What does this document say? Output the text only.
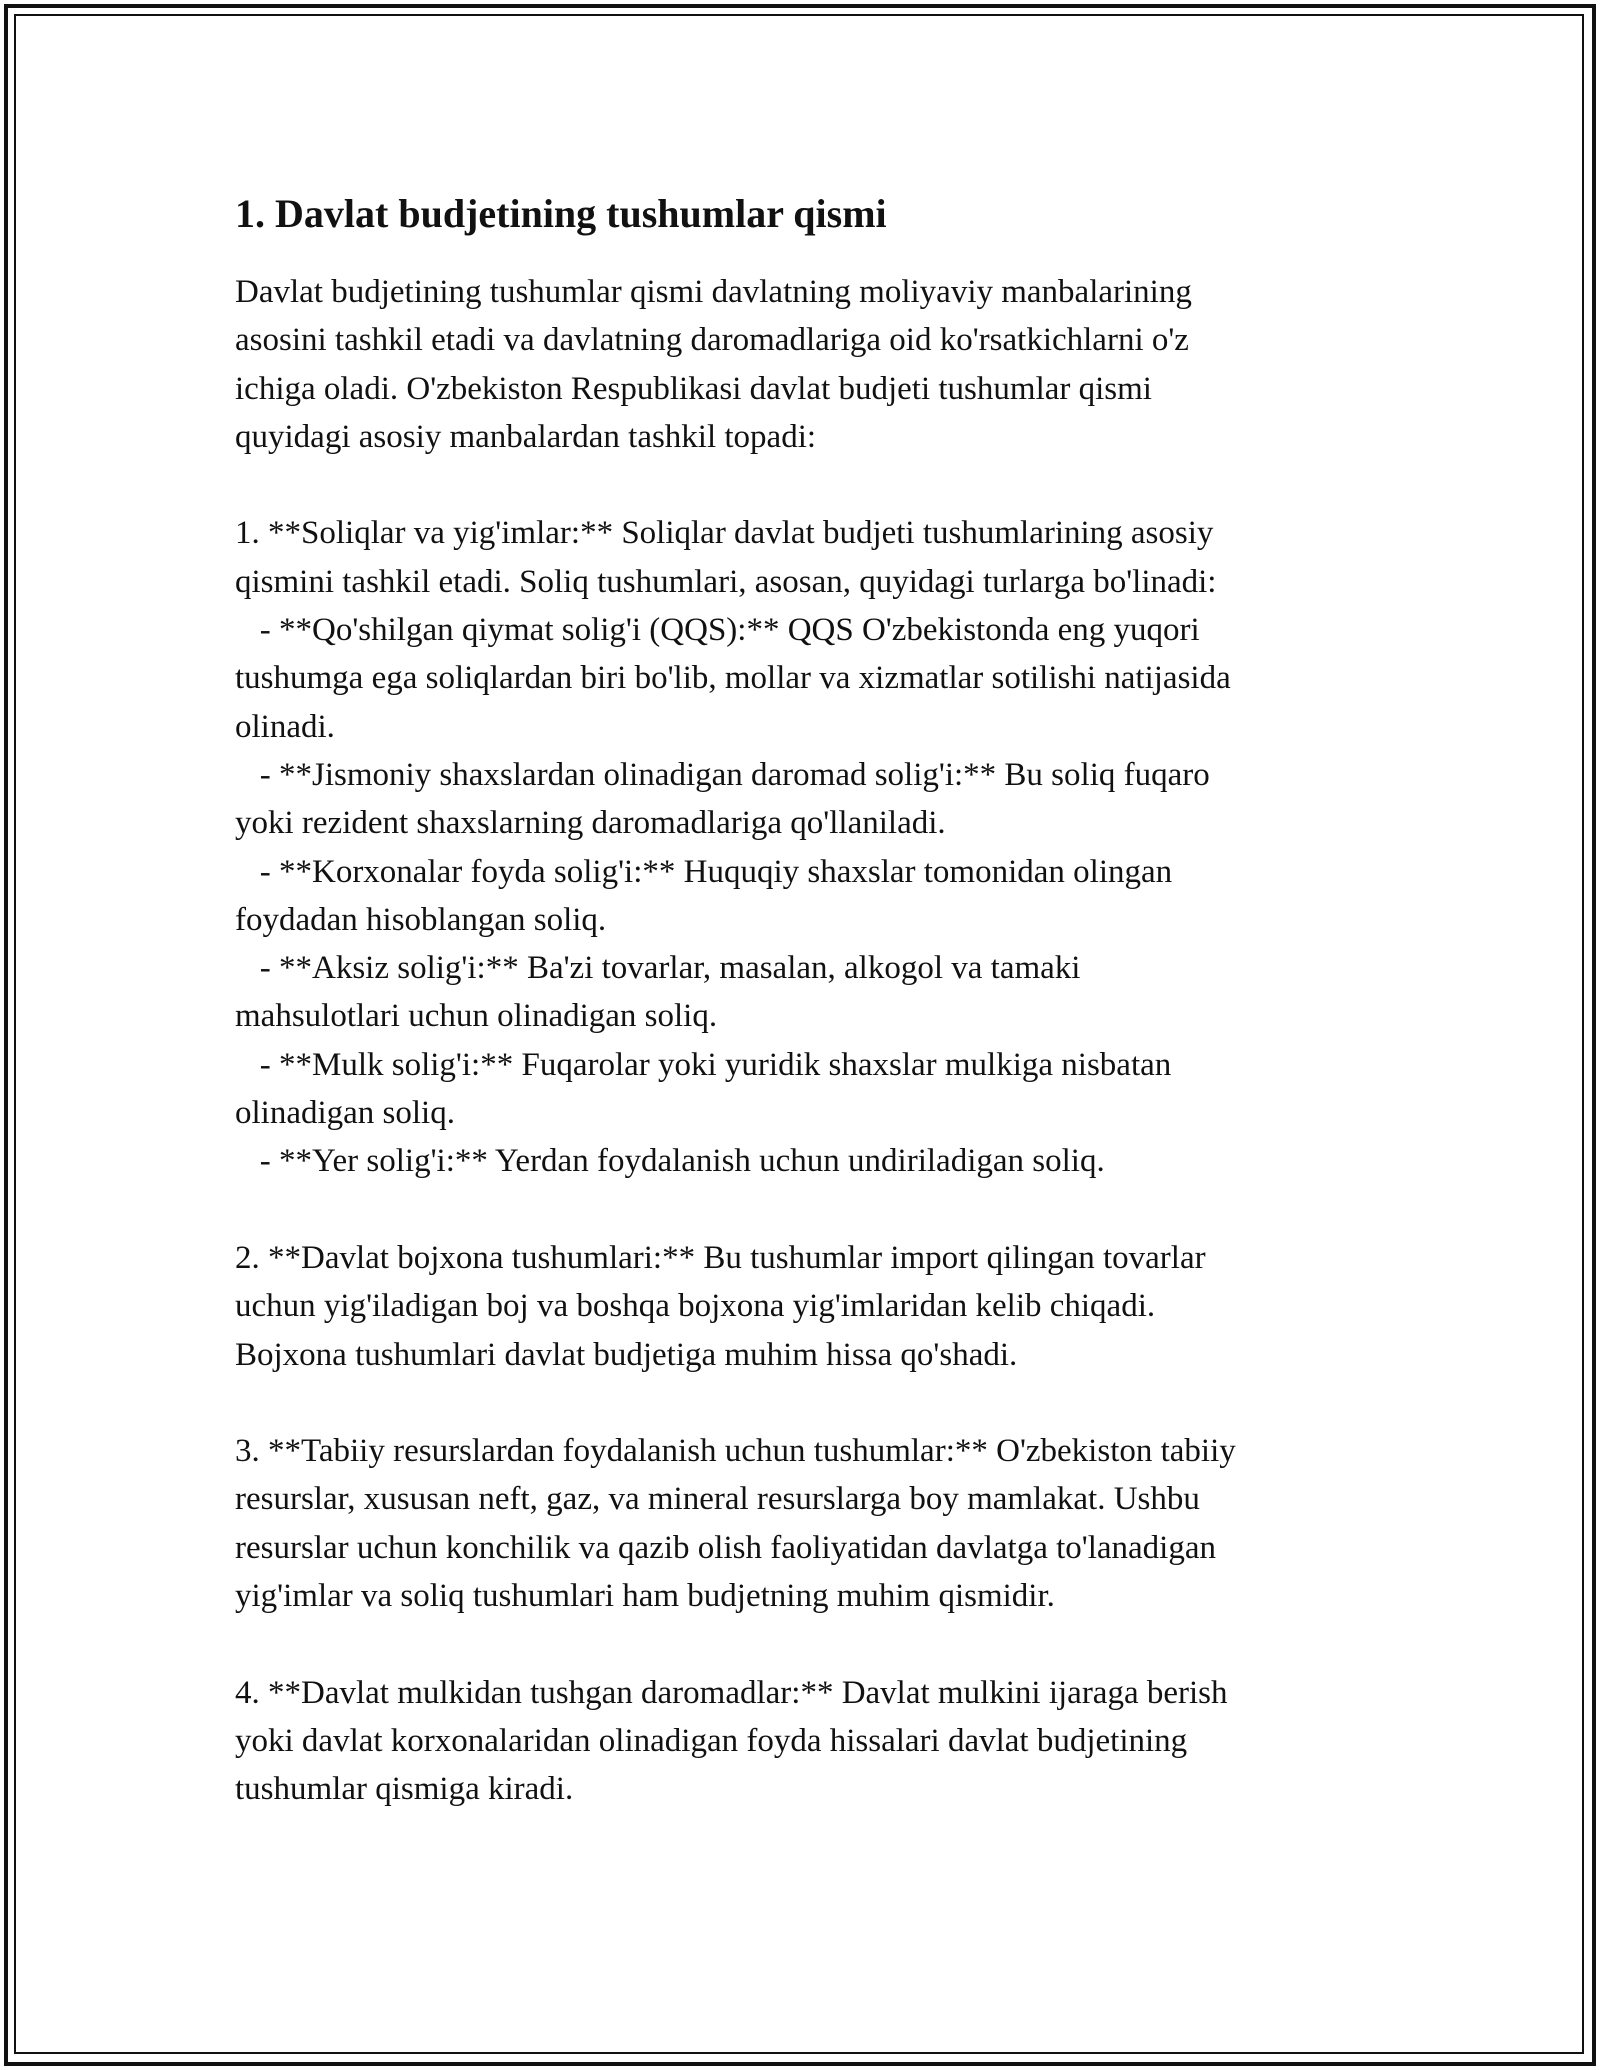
1. Davlat budjetining tushumlar qismi

Davlat budjetining tushumlar qismi davlatning moliyaviy manbalarining
asosini tashkil etadi va davlatning daromadlariga oid ko'rsatkichlarni o'z
ichiga oladi. O'zbekiston Respublikasi davlat budjeti tushumlar qismi
quyidagi asosiy manbalardan tashkil topadi:

1. **Soliqlar va yig'imlar:** Soliqlar davlat budjeti tushumlarining asosiy
qismini tashkil etadi. Soliq tushumlari, asosan, quyidagi turlarga bo'linadi:

- **Qo'shilgan qiymat solig'i (QQS):** QQS O'zbekistonda eng yuqori
tushumga ega soliqlardan biri bo'lib, mollar va xizmatlar sotilishi natijasida
olinadi.

- **Jismoniy shaxslardan olinadigan daromad solig'i:** Bu soliq fuqaro
yoki rezident shaxslarning daromadlariga qo'llaniladi.

- **Korxonalar foyda solig'i:** Huquqiy shaxslar tomonidan olingan
foydadan hisoblangan soliq.

- **Aksiz solig'i:** Ba'zi tovarlar, masalan, alkogol va tamaki
mahsulotlari uchun olinadigan soliq.

- **Mulk solig'i:** Fuqarolar yoki yuridik shaxslar mulkiga nisbatan
olinadigan soliq.

- **Yer solig'i:** Yerdan foydalanish uchun undiriladigan soliq.

2. **Davlat bojxona tushumlari:** Bu tushumlar import qilingan tovarlar
uchun yig'iladigan boj va boshqa bojxona yig'imlaridan kelib chiqadi.
Bojxona tushumlari davlat budjetiga muhim hissa qo'shadi.

3. **Tabiiy resurslardan foydalanish uchun tushumlar:** O'zbekiston tabiiy
resurslar, xususan neft, gaz, va mineral resurslarga boy mamlakat. Ushbu
resurslar uchun konchilik va qazib olish faoliyatidan davlatga to'lanadigan
yig'imlar va soliq tushumlari ham budjetning muhim qismidir.

4. **Davlat mulkidan tushgan daromadlar:** Davlat mulkini ijaraga berish
yoki davlat korxonalaridan olinadigan foyda hissalari davlat budjetining
tushumlar qismiga kiradi.
